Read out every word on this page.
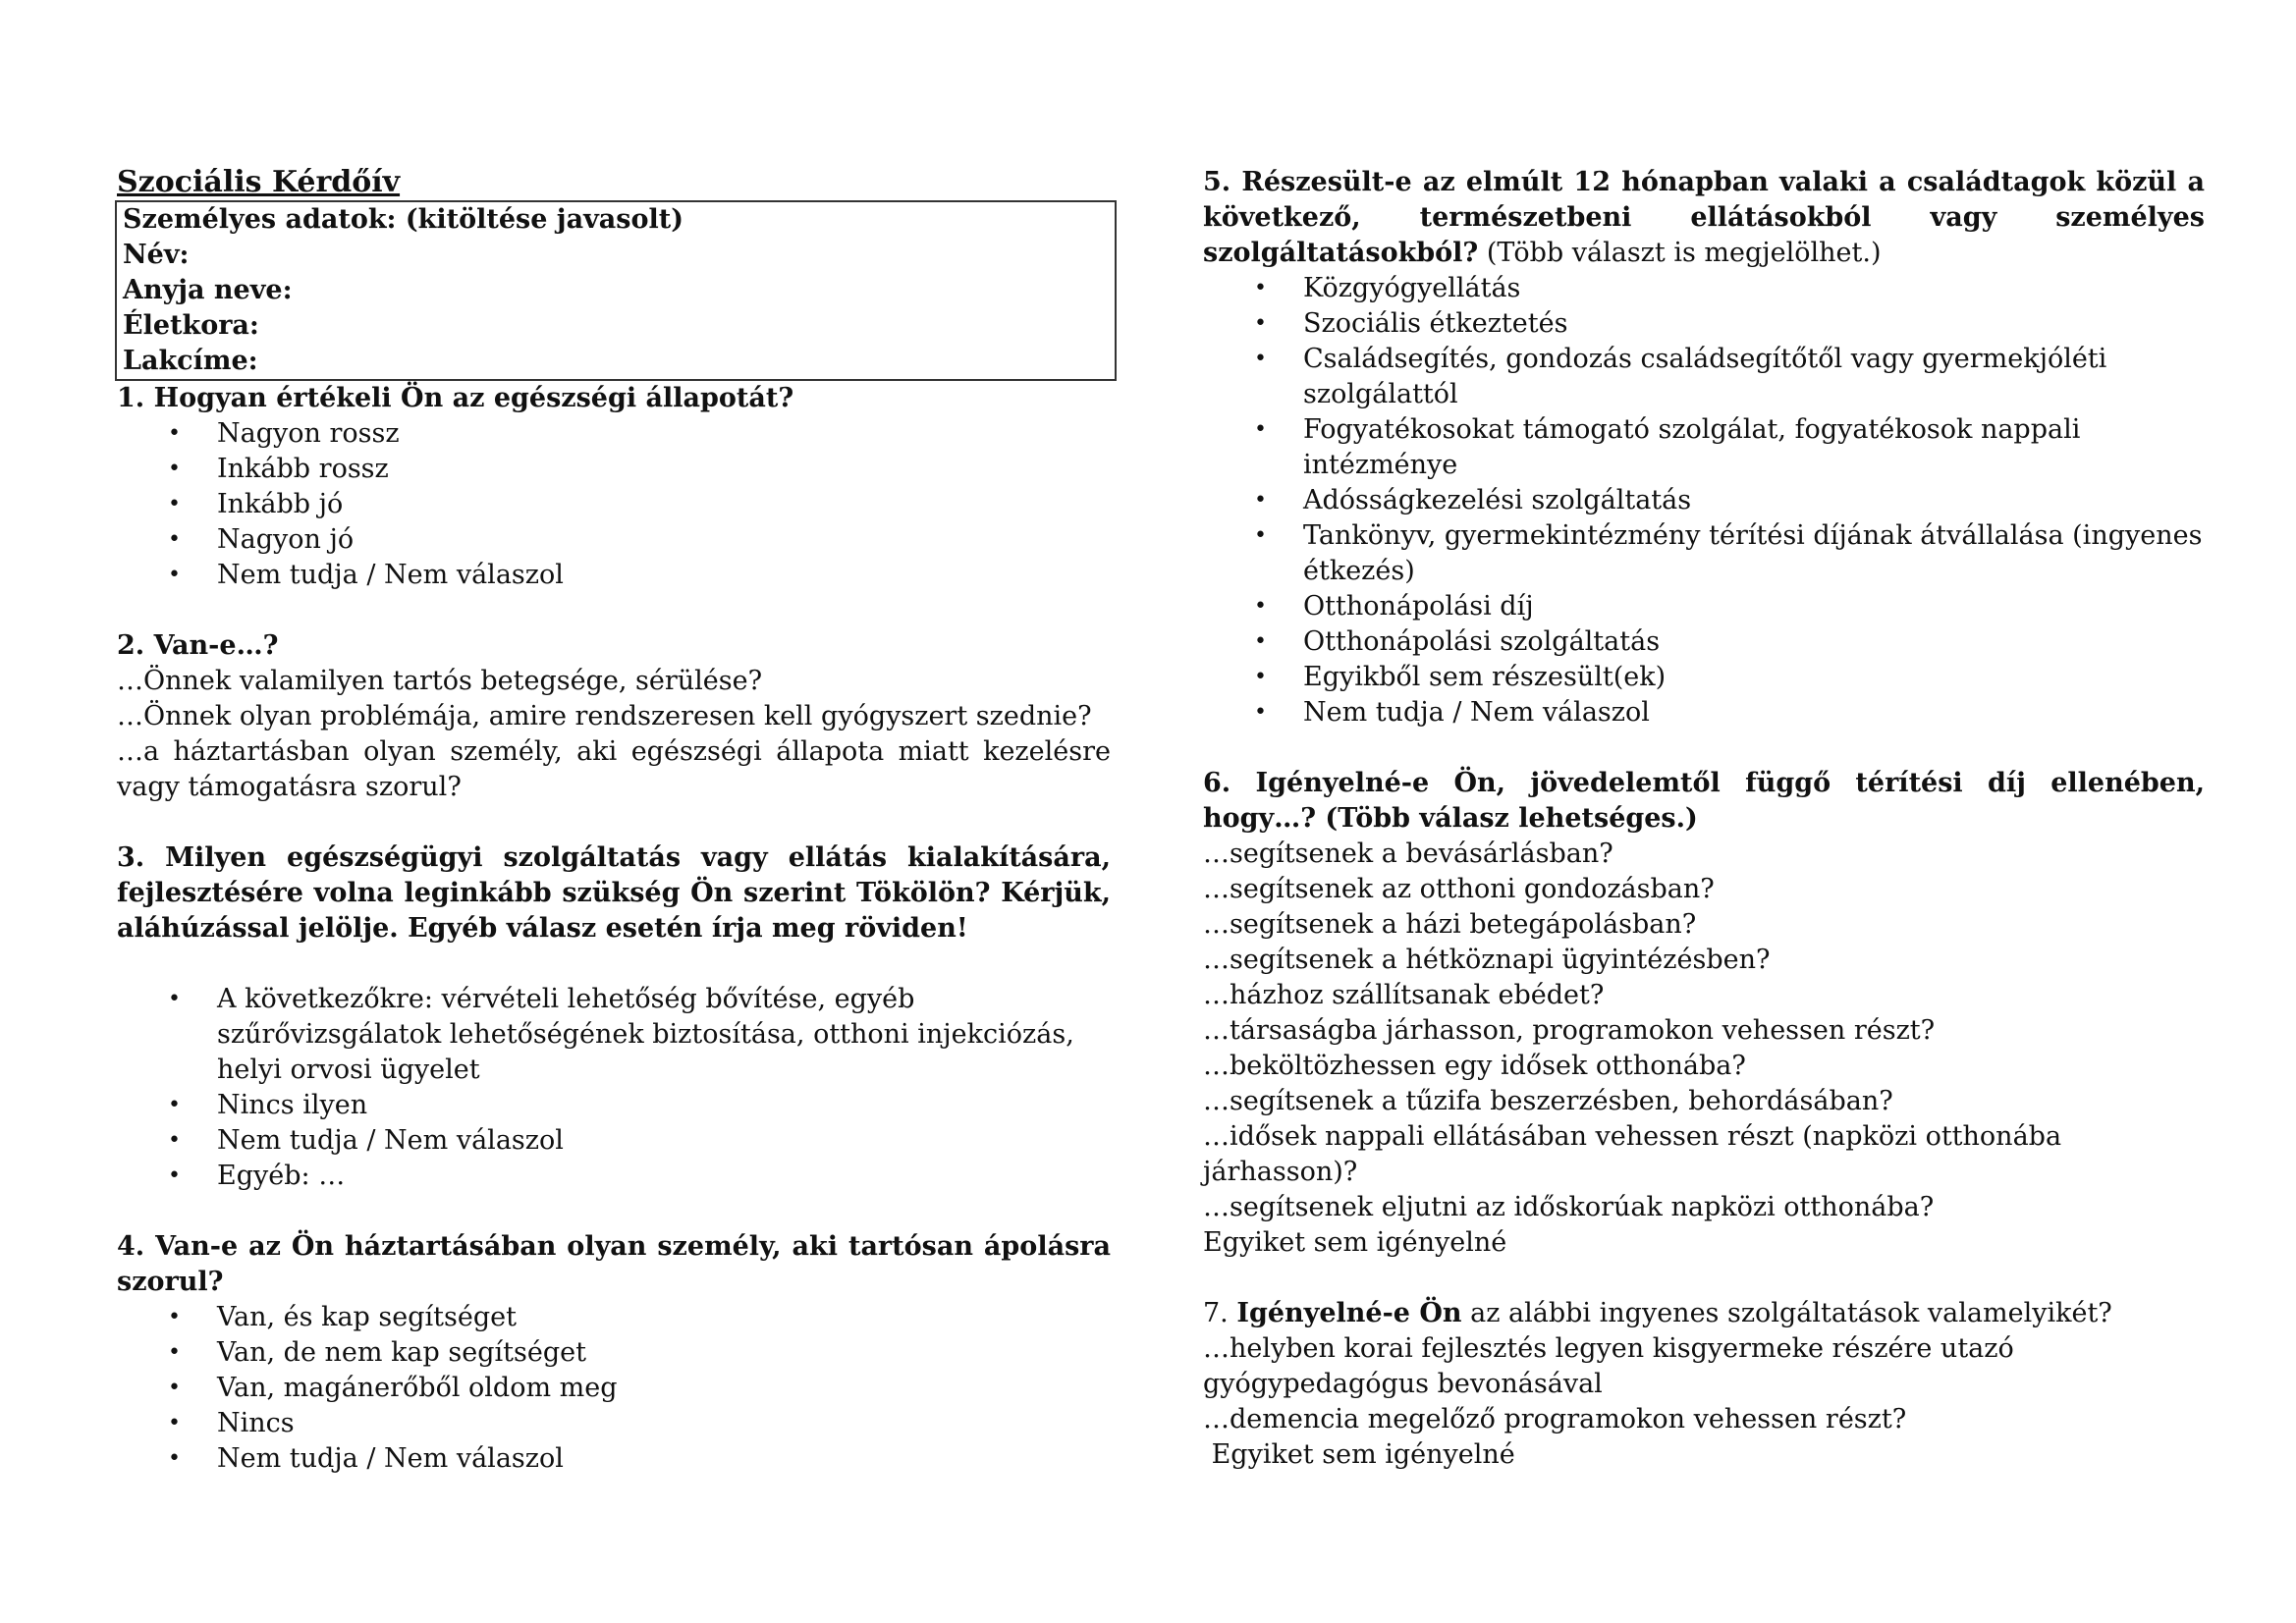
Szociális Kérdőív

Személyes adatok: (kitöltése javasolt)
Név:
Anyja neve:
Életkora:
Lakcíme:

1. Hogyan értékeli Ön az egészségi állapotát?

• Nagyon rossz
• Inkább rossz
• Inkább jó
• Nagyon jó
• Nem tudja / Nem válaszol

2. Van-e…?

…Önnek valamilyen tartós betegsége, sérülése?

…Önnek olyan problémája, amire rendszeresen kell gyógyszert szednie?

…a háztartásban olyan személy, aki egészségi állapota miatt kezelésre vagy támogatásra szorul?

3. Milyen egészségügyi szolgáltatás vagy ellátás kialakítására, fejlesztésére volna leginkább szükség Ön szerint Tökölön? Kérjük, aláhúzással jelölje. Egyéb válasz esetén írja meg röviden!

• A következőkre: vérvételi lehetőség bővítése, egyéb szűrővizsgálatok lehetőségének biztosítása, otthoni injekciózás, helyi orvosi ügyelet
• Nincs ilyen
• Nem tudja / Nem válaszol
• Egyéb: …

4. Van-e az Ön háztartásában olyan személy, aki tartósan ápolásra szorul?

• Van, és kap segítséget
• Van, de nem kap segítséget
• Van, magánerőből oldom meg
• Nincs
• Nem tudja / Nem válaszol

5. Részesült-e az elmúlt 12 hónapban valaki a családtagok közül a következő, természetbeni ellátásokból vagy személyes szolgáltatásokból? (Több választ is megjelölhet.)

• Közgyógyellátás
• Szociális étkeztetés
• Családsegítés, gondozás családsegítőtől vagy gyermekjóléti szolgálattól
• Fogyatékosokat támogató szolgálat, fogyatékosok nappali intézménye
• Adósságkezelési szolgáltatás
• Tankönyv, gyermekintézmény térítési díjának átvállalása (ingyenes étkezés)
• Otthonápolási díj
• Otthonápolási szolgáltatás
• Egyikből sem részesült(ek)
• Nem tudja / Nem válaszol

6. Igényelné-e Ön, jövedelemtől függő térítési díj ellenében, hogy…? (Több válasz lehetséges.)

…segítsenek a bevásárlásban?

…segítsenek az otthoni gondozásban?

…segítsenek a házi betegápolásban?

…segítsenek a hétköznapi ügyintézésben?

…házhoz szállítsanak ebédet?

…társaságba járhasson, programokon vehessen részt?

…beköltözhessen egy idősek otthonába?

…segítsenek a tűzifa beszerzésben, behordásában?

…idősek nappali ellátásában vehessen részt (napközi otthonába járhasson)?

…segítsenek eljutni az időskorúak napközi otthonába?

Egyiket sem igényelné

7. Igényelné-e Ön az alábbi ingyenes szolgáltatások valamelyikét?

…helyben korai fejlesztés legyen kisgyermeke részére utazó gyógypedagógus bevonásával

…demencia megelőző programokon vehessen részt?

Egyiket sem igényelné
